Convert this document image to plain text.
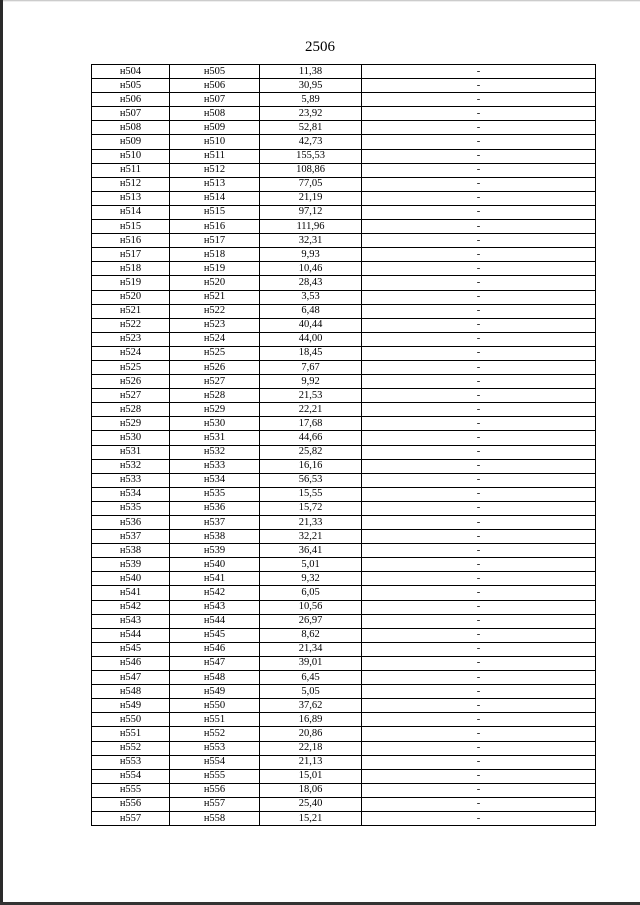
2506
н504	н505	11,38	-
н505	н506	30,95	-
н506	н507	5,89	-
н507	н508	23,92	-
н508	н509	52,81	-
н509	н510	42,73	-
н510	н511	155,53	-
н511	н512	108,86	-
н512	н513	77,05	-
н513	н514	21,19	-
н514	н515	97,12	-
н515	н516	111,96	-
н516	н517	32,31	-
н517	н518	9,93	-
н518	н519	10,46	-
н519	н520	28,43	-
н520	н521	3,53	-
н521	н522	6,48	-
н522	н523	40,44	-
н523	н524	44,00	-
н524	н525	18,45	-
н525	н526	7,67	-
н526	н527	9,92	-
н527	н528	21,53	-
н528	н529	22,21	-
н529	н530	17,68	-
н530	н531	44,66	-
н531	н532	25,82	-
н532	н533	16,16	-
н533	н534	56,53	-
н534	н535	15,55	-
н535	н536	15,72	-
н536	н537	21,33	-
н537	н538	32,21	-
н538	н539	36,41	-
н539	н540	5,01	-
н540	н541	9,32	-
н541	н542	6,05	-
н542	н543	10,56	-
н543	н544	26,97	-
н544	н545	8,62	-
н545	н546	21,34	-
н546	н547	39,01	-
н547	н548	6,45	-
н548	н549	5,05	-
н549	н550	37,62	-
н550	н551	16,89	-
н551	н552	20,86	-
н552	н553	22,18	-
н553	н554	21,13	-
н554	н555	15,01	-
н555	н556	18,06	-
н556	н557	25,40	-
н557	н558	15,21	-
